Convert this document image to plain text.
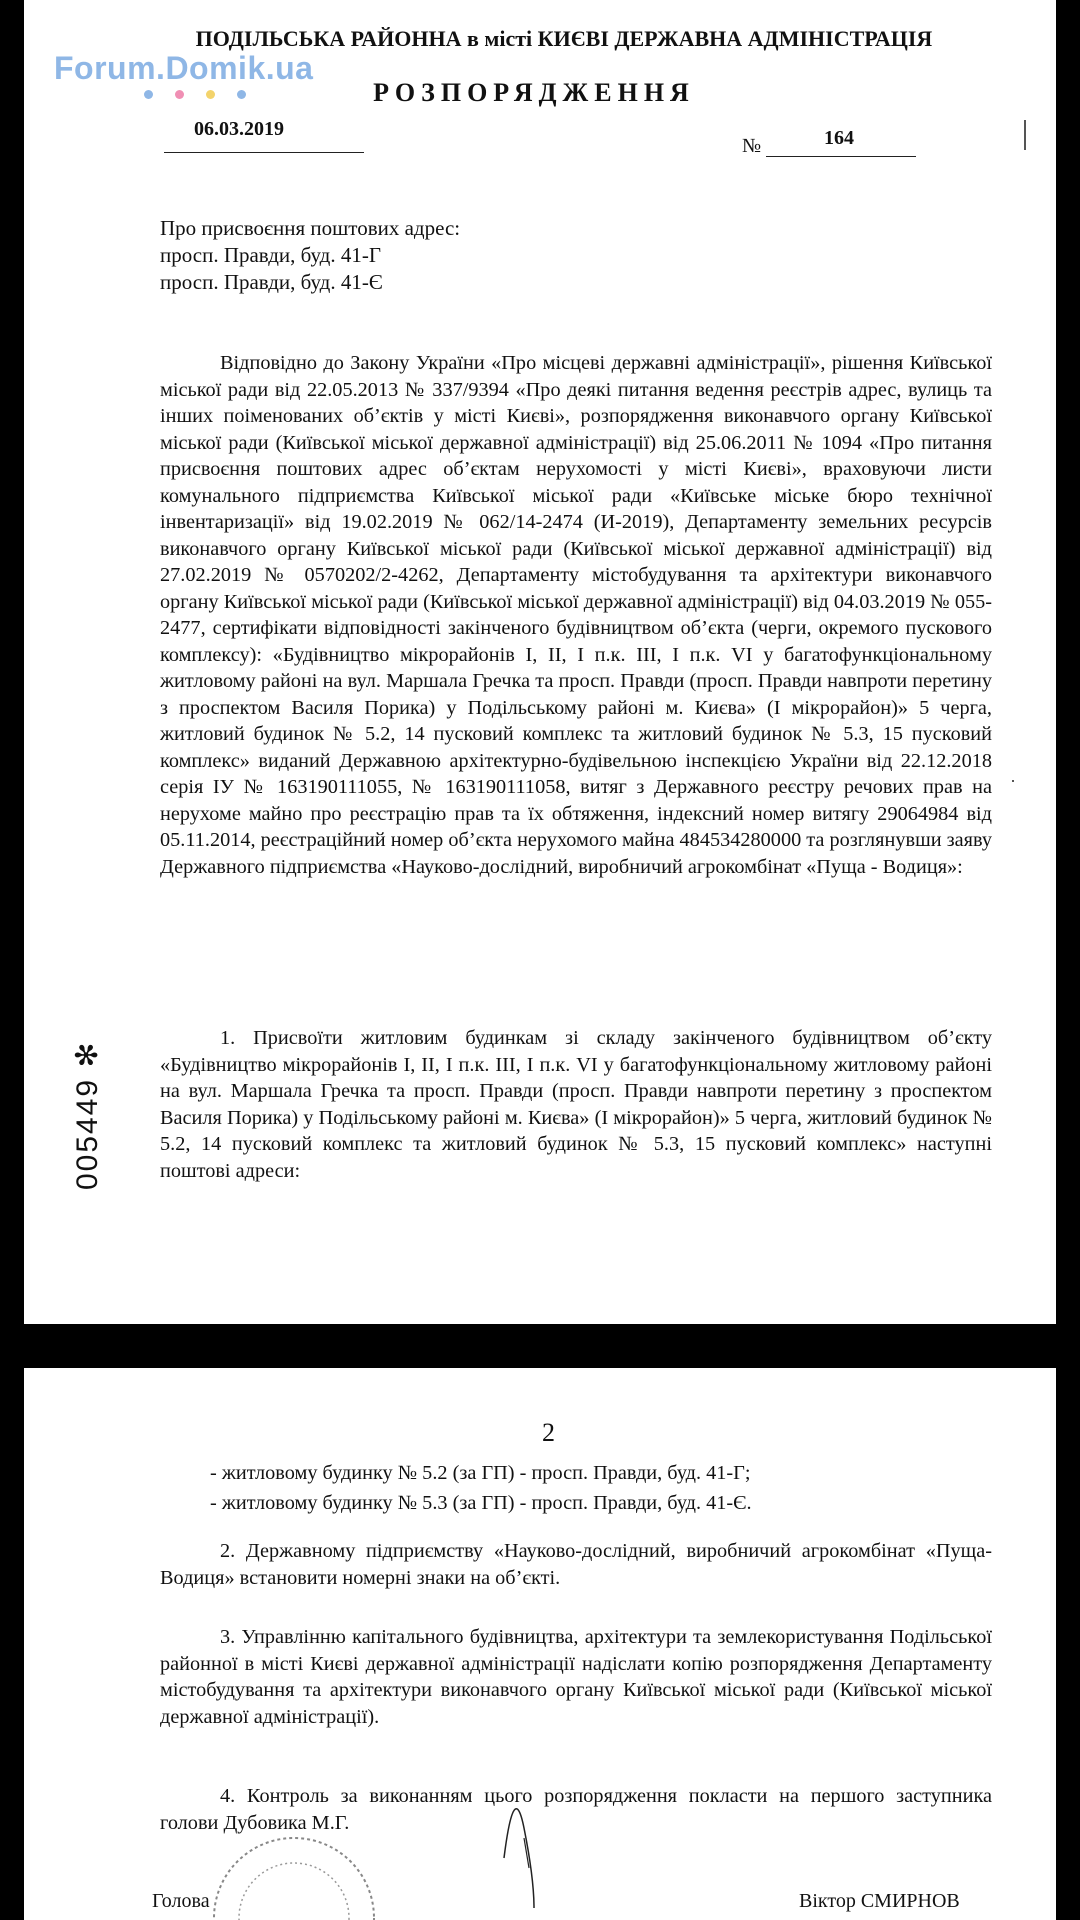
Forum.Domik.ua
ПОДІЛЬСЬКА РАЙОННА в місті КИЄВІ ДЕРЖАВНА АДМІНІСТРАЦІЯ
РОЗПОРЯДЖЕННЯ
06.03.2019
№	164
Про присвоєння поштових адрес:
просп. Правди, буд. 41-Г
просп. Правди, буд. 41-Є

Відповідно до Закону України «Про місцеві державні адміністрації», рішення Київської міської ради від 22.05.2013 № 337/9394 «Про деякі питання ведення реєстрів адрес, вулиць та інших поіменованих об’єктів у місті Києві», розпорядження виконавчого органу Київської міської ради (Київської міської державної адміністрації) від 25.06.2011 № 1094 «Про питання присвоєння поштових адрес об’єктам нерухомості у місті Києві», враховуючи листи комунального підприємства Київської міської ради «Київське міське бюро технічної інвентаризації» від 19.02.2019 № 062/14-2474 (И-2019), Департаменту земельних ресурсів виконавчого органу Київської міської ради (Київської міської державної адміністрації) від 27.02.2019 № 0570202/2-4262, Департаменту містобудування та архітектури виконавчого органу Київської міської ради (Київської міської державної адміністрації) від 04.03.2019 № 055-2477, сертифікати відповідності закінченого будівництвом об’єкта (черги, окремого пускового комплексу): «Будівництво мікрорайонів І, ІІ, І п.к. ІІІ, І п.к. VІ у багатофункціональному житловому районі на вул. Маршала Гречка та просп. Правди (просп. Правди навпроти перетину з проспектом Василя Порика) у Подільському районі м. Києва» (І мікрорайон)» 5 черга, житловий будинок № 5.2, 14 пусковий комплекс та житловий будинок № 5.3, 15 пусковий комплекс» виданий Державною архітектурно-будівельною інспекцією України від 22.12.2018 серія ІУ № 163190111055, № 163190111058, витяг з Державного реєстру речових прав на нерухоме майно про реєстрацію прав та їх обтяження, індексний номер витягу 29064984 від 05.11.2014, реєстраційний номер об’єкта нерухомого майна 484534280000 та розглянувши заяву Державного підприємства «Науково-дослідний, виробничий агрокомбінат «Пуща - Водиця»:

1. Присвоїти житловим будинкам зі складу закінченого будівництвом об’єкту «Будівництво мікрорайонів І, ІІ, І п.к. ІІІ, І п.к. VІ у багатофункціональному житловому районі на вул. Маршала Гречка та просп. Правди (просп. Правди навпроти перетину з проспектом Василя Порика) у Подільському районі м. Києва» (І мікрорайон)» 5 черга, житловий будинок № 5.2, 14 пусковий комплекс та житловий будинок № 5.3, 15 пусковий комплекс» наступні поштові адреси:

005449 ✻
2
- житловому будинку № 5.2 (за ГП) - просп. Правди, буд. 41-Г;
- житловому будинку № 5.3 (за ГП) - просп. Правди, буд. 41-Є.

2. Державному підприємству «Науково-дослідний, виробничий агрокомбінат «Пуща-Водиця» встановити номерні знаки на об’єкті.

3. Управлінню капітального будівництва, архітектури та землекористування Подільської районної в місті Києві державної адміністрації надіслати копію розпорядження Департаменту містобудування та архітектури виконавчого органу Київської міської ради (Київської міської державної адміністрації).

4. Контроль за виконанням цього розпорядження покласти на першого заступника голови Дубовика М.Г.

Голова	Віктор СМИРНОВ
